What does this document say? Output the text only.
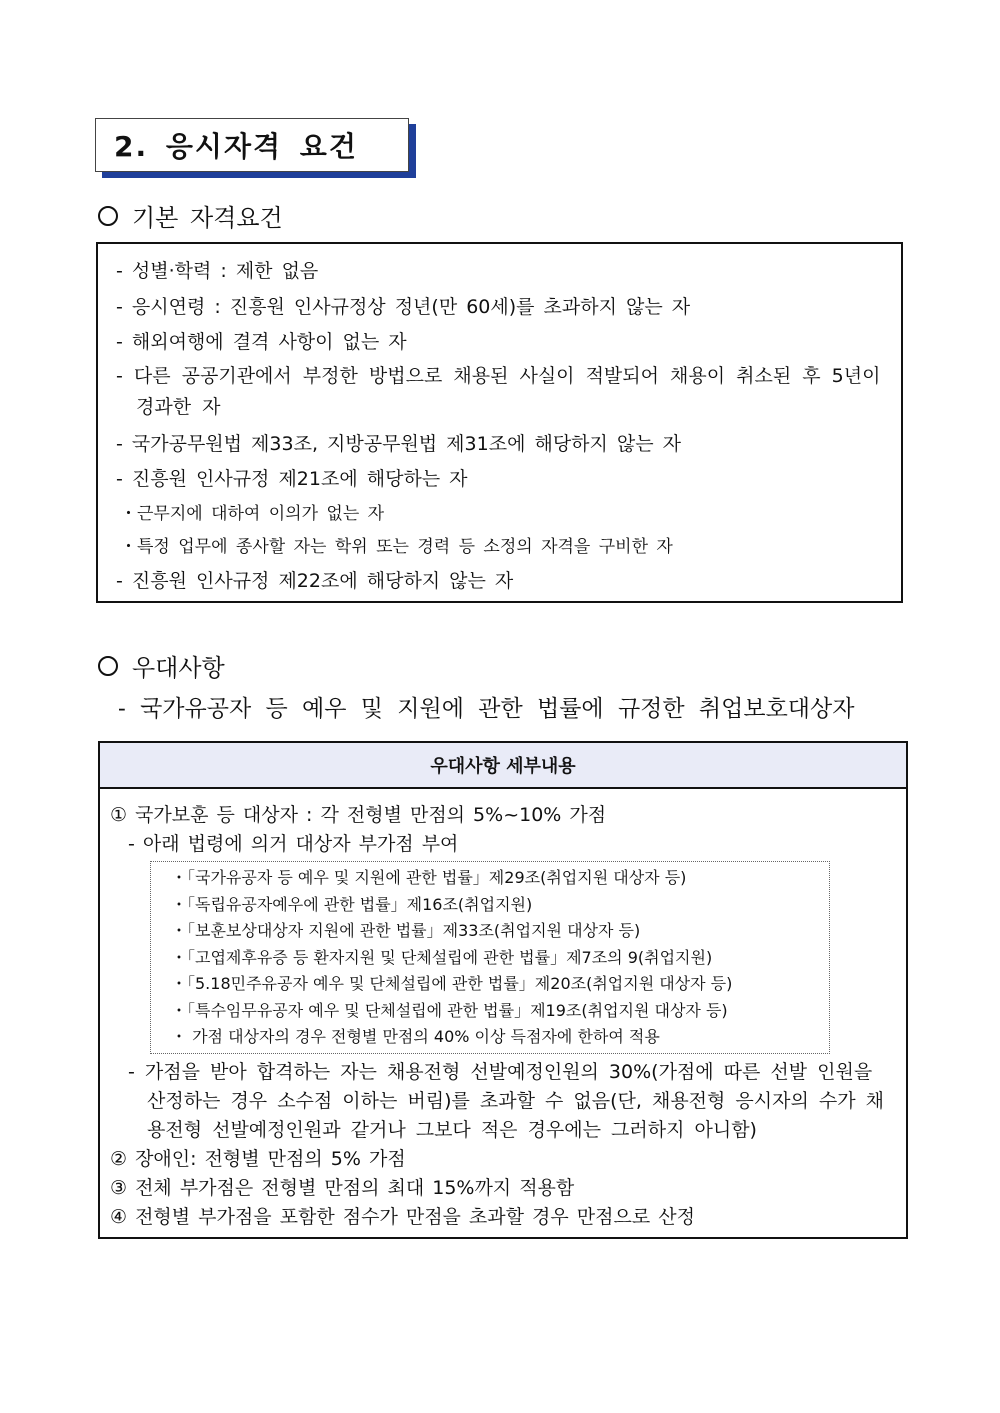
2. 응시자격 요건
기본 자격요건
- 성별·학력 : 제한 없음
- 응시연령 : 진흥원 인사규정상 정년(만 60세)를 초과하지 않는 자
- 해외여행에 결격 사항이 없는 자
- 다른 공공기관에서 부정한 방법으로 채용된 사실이 적발되어 채용이 취소된 후 5년이 경과한 자
- 국가공무원법 제33조, 지방공무원법 제31조에 해당하지 않는 자
- 진흥원 인사규정 제21조에 해당하는 자
・근무지에 대하여 이의가 없는 자
・특정 업무에 종사할 자는 학위 또는 경력 등 소정의 자격을 구비한 자
- 진흥원 인사규정 제22조에 해당하지 않는 자
우대사항
- 국가유공자 등 예우 및 지원에 관한 법률에 규정한 취업보호대상자
우대사항 세부내용
① 국가보훈 등 대상자 : 각 전형별 만점의 5%~10% 가점
- 아래 법령에 의거 대상자 부가점 부여
・「국가유공자 등 예우 및 지원에 관한 법률」제29조(취업지원 대상자 등)
・「독립유공자예우에 관한 법률」제16조(취업지원)
・「보훈보상대상자 지원에 관한 법률」제33조(취업지원 대상자 등)
・「고엽제후유증 등 환자지원 및 단체설립에 관한 법률」제7조의 9(취업지원)
・「5.18민주유공자 예우 및 단체설립에 관한 법률」제20조(취업지원 대상자 등)
・「특수임무유공자 예우 및 단체설립에 관한 법률」제19조(취업지원 대상자 등)
・ 가점 대상자의 경우 전형별 만점의 40% 이상 득점자에 한하여 적용
- 가점을 받아 합격하는 자는 채용전형 선발예정인원의 30%(가점에 따른 선발 인원을 산정하는 경우 소수점 이하는 버림)를 초과할 수 없음(단, 채용전형 응시자의 수가 채용전형 선발예정인원과 같거나 그보다 적은 경우에는 그러하지 아니함)
② 장애인: 전형별 만점의 5% 가점
③ 전체 부가점은 전형별 만점의 최대 15%까지 적용함
④ 전형별 부가점을 포함한 점수가 만점을 초과할 경우 만점으로 산정
